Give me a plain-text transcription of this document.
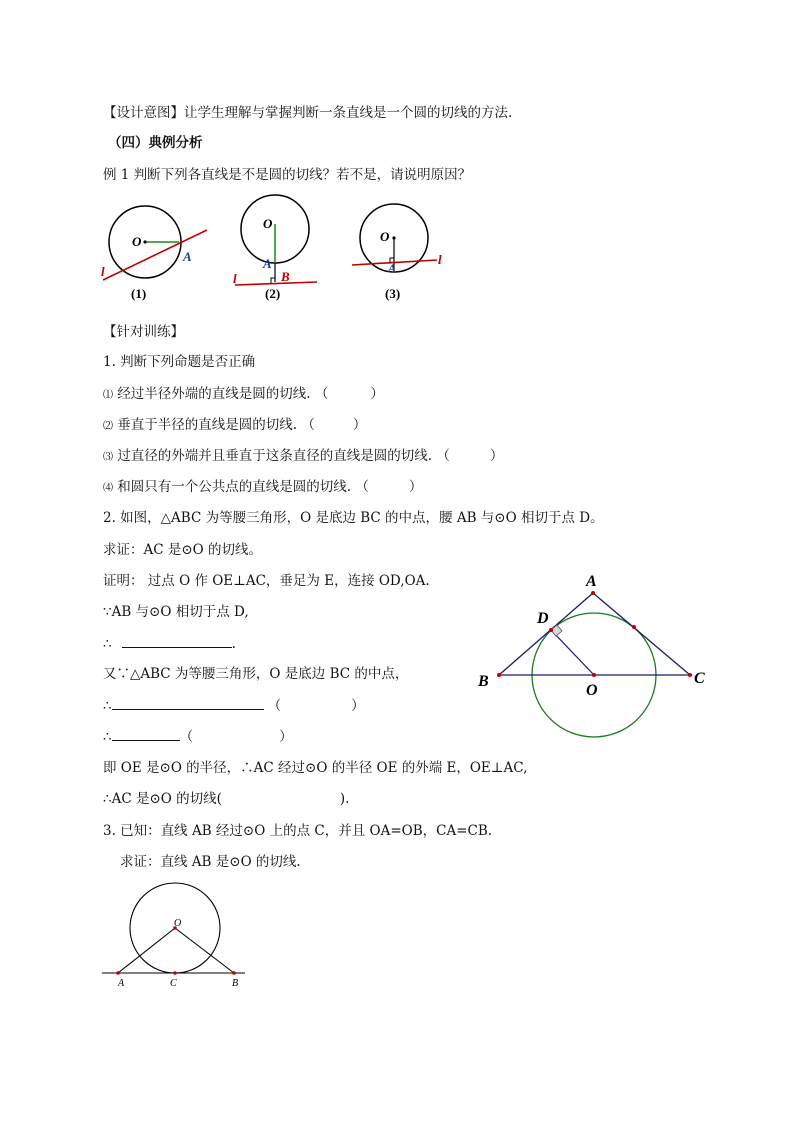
【设计意图】让学生理解与掌握判断一条直线是一个圆的切线的方法.
（四）典例分析
例 1 判断下列各直线是不是圆的切线？若不是，请说明原因？
O
A
l
(1)
O
A
B
l
(2)
O
A
l
(3)
【针对训练】
1. 判断下列命题是否正确
⑴ 经过半径外端的直线是圆的切线. （	）
⑵ 垂直于半径的直线是圆的切线. （	）
⑶ 过直径的外端并且垂直于这条直径的直线是圆的切线. （	）
⑷ 和圆只有一个公共点的直线是圆的切线. （	）
2. 如图，△ABC 为等腰三角形，O 是底边 BC 的中点，腰 AB 与⊙O 相切于点 D。
求证：AC 是⊙O 的切线。
证明： 过点 O 作 OE⊥AC，垂足为 E，连接 OD,OA.
∵AB 与⊙O 相切于点 D,
∴	.
又∵△ABC 为等腰三角形，O 是底边 BC 的中点，
∴	（	）
∴	（	）
即 OE 是⊙O 的半径，∴AC 经过⊙O 的半径 OE 的外端 E，OE⊥AC,
∴AC 是⊙O 的切线(	).
A
B	C
D
O
3. 已知：直线 AB 经过⊙O 上的点 C，并且 OA=OB，CA=CB.
求证：直线 AB 是⊙O 的切线.
O
A	C	B
